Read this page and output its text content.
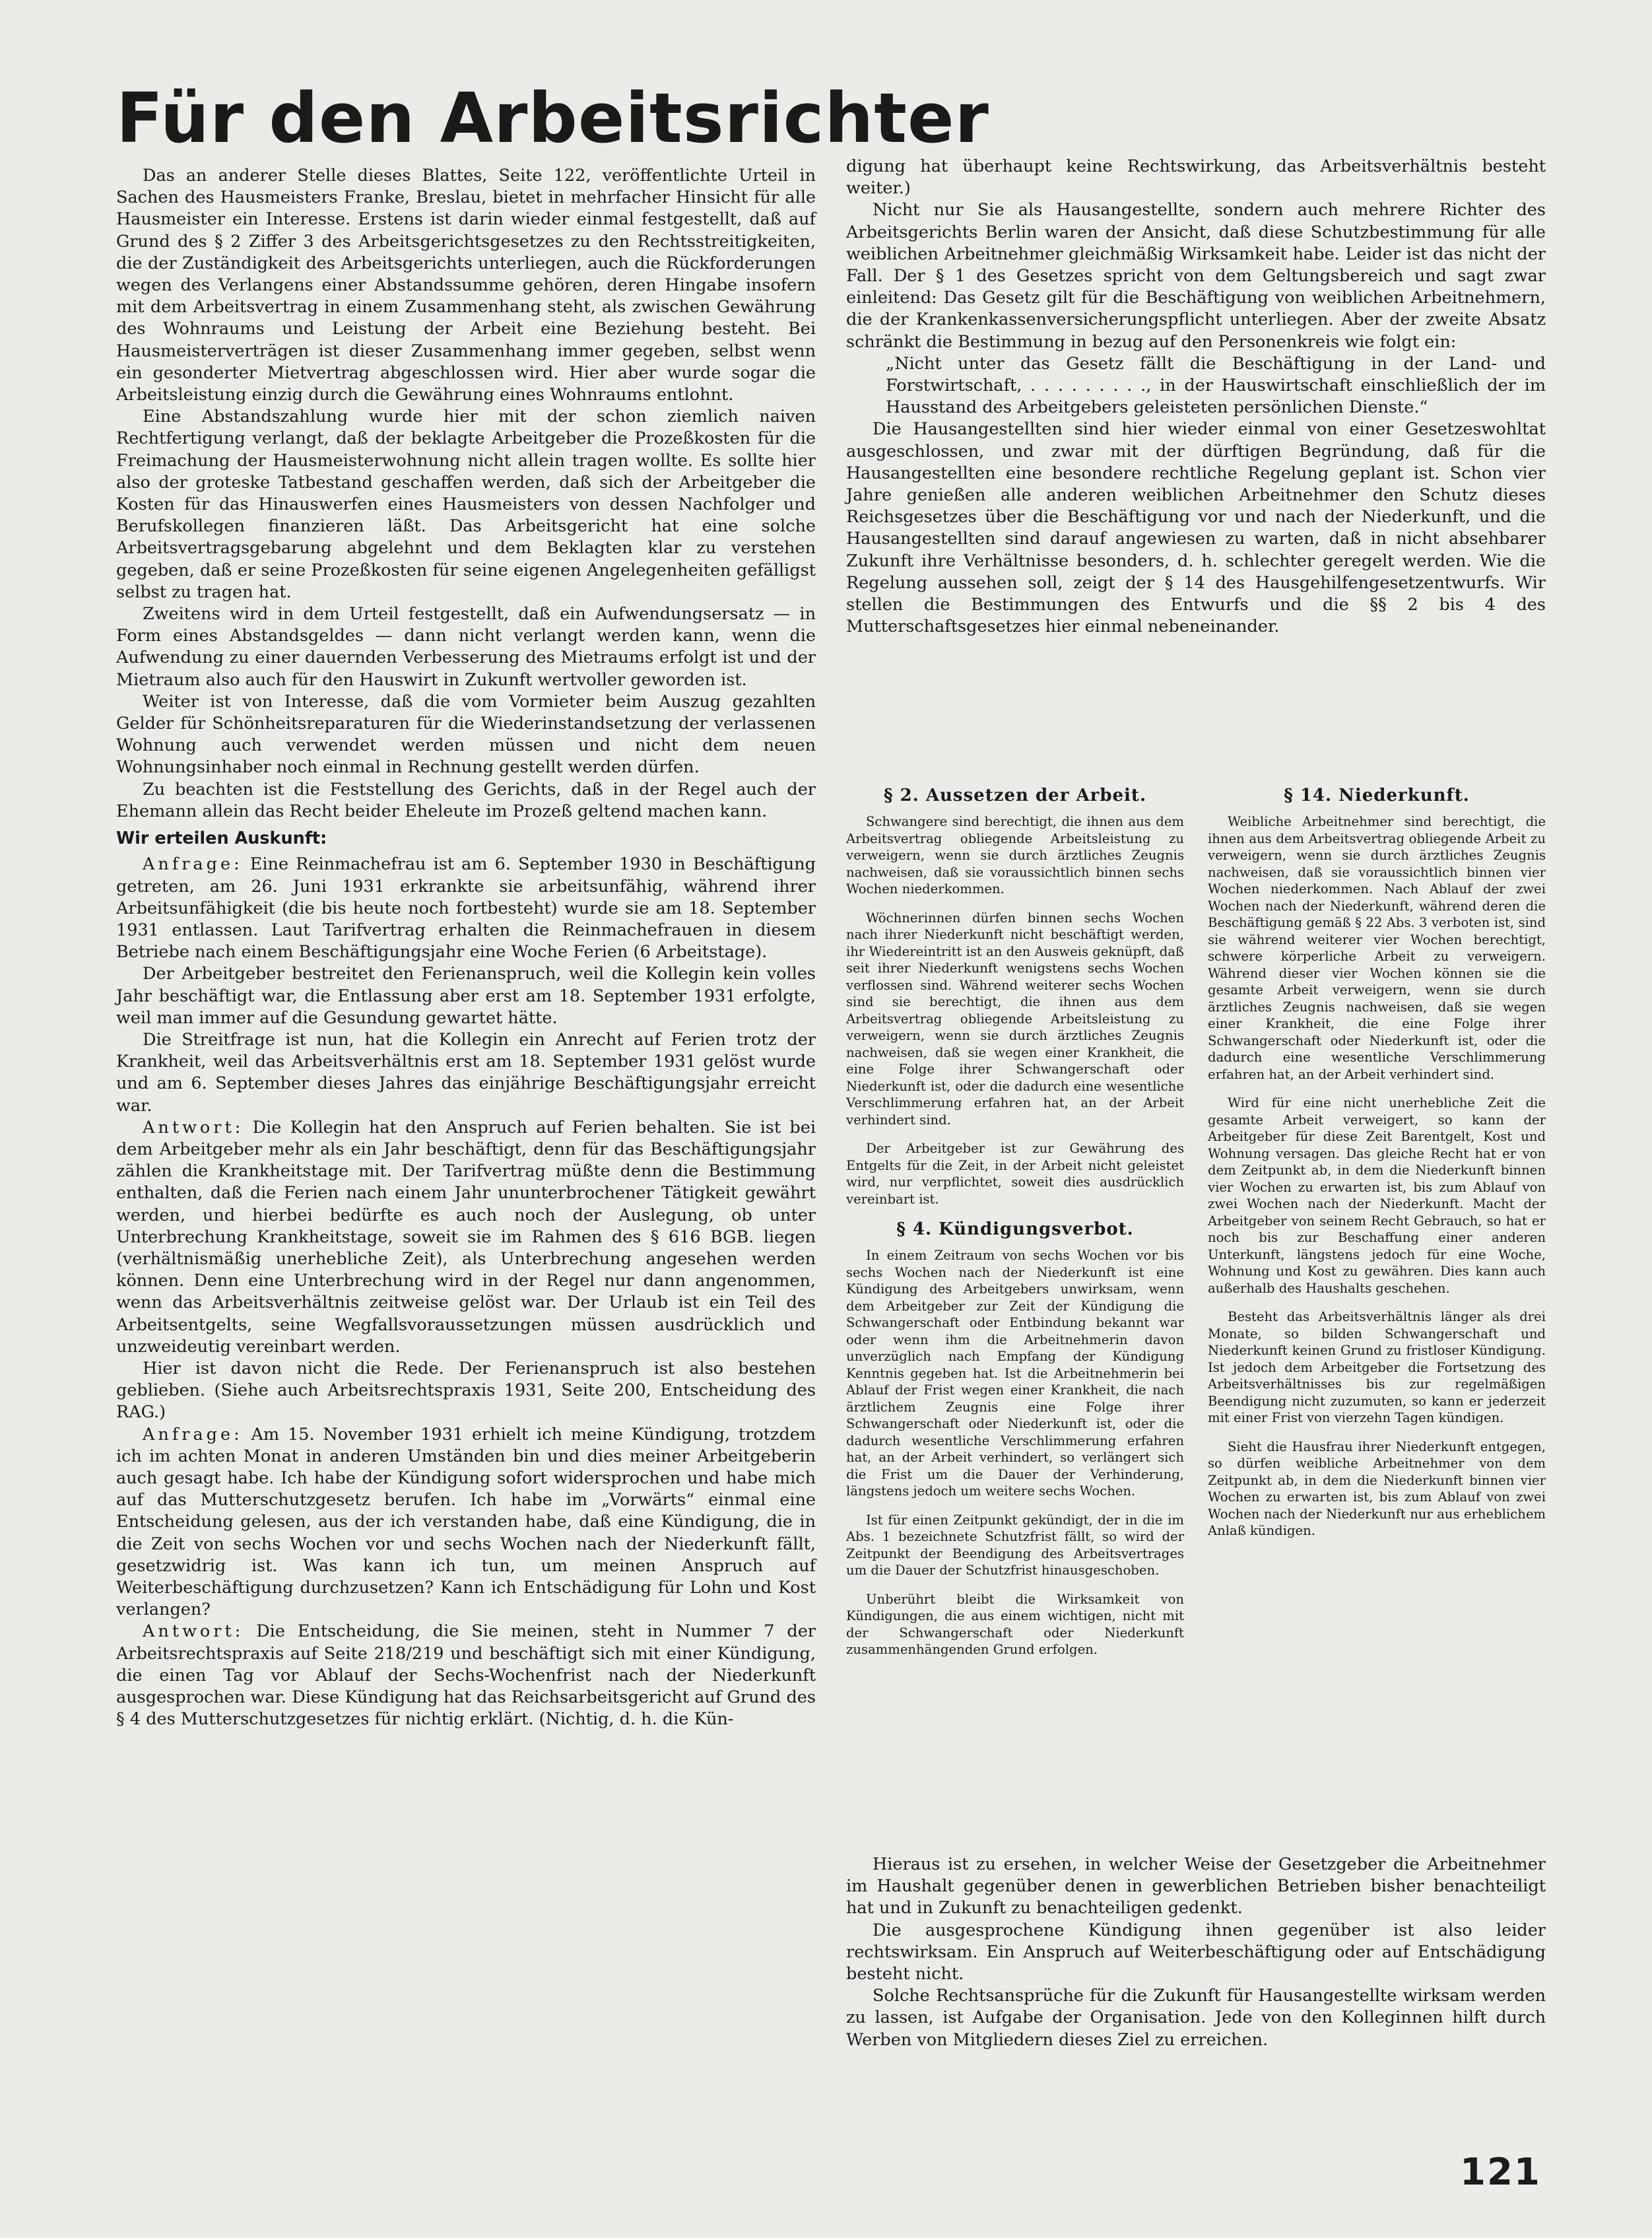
Für den Arbeitsrichter

Das an anderer Stelle dieses Blattes, Seite 122, veröffentlichte Urteil in Sachen des Hausmeisters Franke, Breslau, bietet in mehrfacher Hinsicht für alle Hausmeister ein Interesse. Erstens ist darin wieder einmal festgestellt, daß auf Grund des § 2 Ziffer 3 des Arbeitsgerichtsgesetzes zu den Rechtsstreitigkeiten, die der Zuständigkeit des Arbeitsgerichts unterliegen, auch die Rückforderungen wegen des Verlangens einer Abstandssumme gehören, deren Hingabe insofern mit dem Arbeitsvertrag in einem Zusammenhang steht, als zwischen Gewährung des Wohnraums und Leistung der Arbeit eine Beziehung besteht. Bei Hausmeisterverträgen ist dieser Zusammenhang immer gegeben, selbst wenn ein gesonderter Mietvertrag abgeschlossen wird. Hier aber wurde sogar die Arbeitsleistung einzig durch die Gewährung eines Wohnraums entlohnt.

Eine Abstandszahlung wurde hier mit der schon ziemlich naiven Rechtfertigung verlangt, daß der beklagte Arbeitgeber die Prozeßkosten für die Freimachung der Hausmeisterwohnung nicht allein tragen wollte. Es sollte hier also der groteske Tatbestand geschaffen werden, daß sich der Arbeitgeber die Kosten für das Hinauswerfen eines Hausmeisters von dessen Nachfolger und Berufskollegen finanzieren läßt. Das Arbeitsgericht hat eine solche Arbeitsvertragsgebarung abgelehnt und dem Beklagten klar zu verstehen gegeben, daß er seine Prozeßkosten für seine eigenen Angelegenheiten gefälligst selbst zu tragen hat.

Zweitens wird in dem Urteil festgestellt, daß ein Aufwendungsersatz — in Form eines Abstandsgeldes — dann nicht verlangt werden kann, wenn die Aufwendung zu einer dauernden Verbesserung des Mietraums erfolgt ist und der Mietraum also auch für den Hauswirt in Zukunft wertvoller geworden ist.

Weiter ist von Interesse, daß die vom Vormieter beim Auszug gezahlten Gelder für Schönheitsreparaturen für die Wiederinstandsetzung der verlassenen Wohnung auch verwendet werden müssen und nicht dem neuen Wohnungsinhaber noch einmal in Rechnung gestellt werden dürfen.

Zu beachten ist die Feststellung des Gerichts, daß in der Regel auch der Ehemann allein das Recht beider Eheleute im Prozeß geltend machen kann.

Wir erteilen Auskunft:

Anfrage: Eine Reinmachefrau ist am 6. September 1930 in Beschäftigung getreten, am 26. Juni 1931 erkrankte sie arbeitsunfähig, während ihrer Arbeitsunfähigkeit (die bis heute noch fortbesteht) wurde sie am 18. September 1931 entlassen. Laut Tarifvertrag erhalten die Reinmachefrauen in diesem Betriebe nach einem Beschäftigungsjahr eine Woche Ferien (6 Arbeitstage).

Der Arbeitgeber bestreitet den Ferienanspruch, weil die Kollegin kein volles Jahr beschäftigt war, die Entlassung aber erst am 18. September 1931 erfolgte, weil man immer auf die Gesundung gewartet hätte.

Die Streitfrage ist nun, hat die Kollegin ein Anrecht auf Ferien trotz der Krankheit, weil das Arbeitsverhältnis erst am 18. September 1931 gelöst wurde und am 6. September dieses Jahres das einjährige Beschäftigungsjahr erreicht war.

Antwort: Die Kollegin hat den Anspruch auf Ferien behalten. Sie ist bei dem Arbeitgeber mehr als ein Jahr beschäftigt, denn für das Beschäftigungsjahr zählen die Krankheitstage mit. Der Tarifvertrag müßte denn die Bestimmung enthalten, daß die Ferien nach einem Jahr ununterbrochener Tätigkeit gewährt werden, und hierbei bedürfte es auch noch der Auslegung, ob unter Unterbrechung Krankheitstage, soweit sie im Rahmen des § 616 BGB. liegen (verhältnismäßig unerhebliche Zeit), als Unterbrechung angesehen werden können. Denn eine Unterbrechung wird in der Regel nur dann angenommen, wenn das Arbeitsverhältnis zeitweise gelöst war. Der Urlaub ist ein Teil des Arbeitsentgelts, seine Wegfallsvoraussetzungen müssen ausdrücklich und unzweideutig vereinbart werden.

Hier ist davon nicht die Rede. Der Ferienanspruch ist also bestehen geblieben. (Siehe auch Arbeitsrechtspraxis 1931, Seite 200, Entscheidung des RAG.)

Anfrage: Am 15. November 1931 erhielt ich meine Kündigung, trotzdem ich im achten Monat in anderen Umständen bin und dies meiner Arbeitgeberin auch gesagt habe. Ich habe der Kündigung sofort widersprochen und habe mich auf das Mutterschutzgesetz berufen. Ich habe im „Vorwärts“ einmal eine Entscheidung gelesen, aus der ich verstanden habe, daß eine Kündigung, die in die Zeit von sechs Wochen vor und sechs Wochen nach der Niederkunft fällt, gesetzwidrig ist. Was kann ich tun, um meinen Anspruch auf Weiterbeschäftigung durchzusetzen? Kann ich Entschädigung für Lohn und Kost verlangen?

Antwort: Die Entscheidung, die Sie meinen, steht in Nummer 7 der Arbeitsrechtspraxis auf Seite 218/219 und beschäftigt sich mit einer Kündigung, die einen Tag vor Ablauf der Sechs-Wochenfrist nach der Niederkunft ausgesprochen war. Diese Kündigung hat das Reichsarbeitsgericht auf Grund des § 4 des Mutterschutzgesetzes für nichtig erklärt. (Nichtig, d. h. die Kün-

digung hat überhaupt keine Rechtswirkung, das Arbeitsverhältnis besteht weiter.)

Nicht nur Sie als Hausangestellte, sondern auch mehrere Richter des Arbeitsgerichts Berlin waren der Ansicht, daß diese Schutzbestimmung für alle weiblichen Arbeitnehmer gleichmäßig Wirksamkeit habe. Leider ist das nicht der Fall. Der § 1 des Gesetzes spricht von dem Geltungsbereich und sagt zwar einleitend: Das Gesetz gilt für die Beschäftigung von weiblichen Arbeitnehmern, die der Krankenkassenversicherungspflicht unterliegen. Aber der zweite Absatz schränkt die Bestimmung in bezug auf den Personenkreis wie folgt ein:

„Nicht unter das Gesetz fällt die Beschäftigung in der Land- und Forstwirtschaft, . . . . . . . . ., in der Hauswirtschaft einschließlich der im Hausstand des Arbeitgebers geleisteten persönlichen Dienste.“

Die Hausangestellten sind hier wieder einmal von einer Gesetzeswohltat ausgeschlossen, und zwar mit der dürftigen Begründung, daß für die Hausangestellten eine besondere rechtliche Regelung geplant ist. Schon vier Jahre genießen alle anderen weiblichen Arbeitnehmer den Schutz dieses Reichsgesetzes über die Beschäftigung vor und nach der Niederkunft, und die Hausangestellten sind darauf angewiesen zu warten, daß in nicht absehbarer Zukunft ihre Verhältnisse besonders, d. h. schlechter geregelt werden. Wie die Regelung aussehen soll, zeigt der § 14 des Hausgehilfengesetzentwurfs. Wir stellen die Bestimmungen des Entwurfs und die §§ 2 bis 4 des Mutterschaftsgesetzes hier einmal nebeneinander.

§ 2. Aussetzen der Arbeit.

Schwangere sind berechtigt, die ihnen aus dem Arbeitsvertrag obliegende Arbeitsleistung zu verweigern, wenn sie durch ärztliches Zeugnis nachweisen, daß sie voraussichtlich binnen sechs Wochen niederkommen.

Wöchnerinnen dürfen binnen sechs Wochen nach ihrer Niederkunft nicht beschäftigt werden, ihr Wiedereintritt ist an den Ausweis geknüpft, daß seit ihrer Niederkunft wenigstens sechs Wochen verflossen sind. Während weiterer sechs Wochen sind sie berechtigt, die ihnen aus dem Arbeitsvertrag obliegende Arbeitsleistung zu verweigern, wenn sie durch ärztliches Zeugnis nachweisen, daß sie wegen einer Krankheit, die eine Folge ihrer Schwangerschaft oder Niederkunft ist, oder die dadurch eine wesentliche Verschlimmerung erfahren hat, an der Arbeit verhindert sind.

Der Arbeitgeber ist zur Gewährung des Entgelts für die Zeit, in der Arbeit nicht geleistet wird, nur verpflichtet, soweit dies ausdrücklich vereinbart ist.

§ 4. Kündigungsverbot.

In einem Zeitraum von sechs Wochen vor bis sechs Wochen nach der Niederkunft ist eine Kündigung des Arbeitgebers unwirksam, wenn dem Arbeitgeber zur Zeit der Kündigung die Schwangerschaft oder Entbindung bekannt war oder wenn ihm die Arbeitnehmerin davon unverzüglich nach Empfang der Kündigung Kenntnis gegeben hat. Ist die Arbeitnehmerin bei Ablauf der Frist wegen einer Krankheit, die nach ärztlichem Zeugnis eine Folge ihrer Schwangerschaft oder Niederkunft ist, oder die dadurch wesentliche Verschlimmerung erfahren hat, an der Arbeit verhindert, so verlängert sich die Frist um die Dauer der Verhinderung, längstens jedoch um weitere sechs Wochen.

Ist für einen Zeitpunkt gekündigt, der in die im Abs. 1 bezeichnete Schutzfrist fällt, so wird der Zeitpunkt der Beendigung des Arbeitsvertrages um die Dauer der Schutzfrist hinausgeschoben.

Unberührt bleibt die Wirksamkeit von Kündigungen, die aus einem wichtigen, nicht mit der Schwangerschaft oder Niederkunft zusammenhängenden Grund erfolgen.

§ 14. Niederkunft.

Weibliche Arbeitnehmer sind berechtigt, die ihnen aus dem Arbeitsvertrag obliegende Arbeit zu verweigern, wenn sie durch ärztliches Zeugnis nachweisen, daß sie voraussichtlich binnen vier Wochen niederkommen. Nach Ablauf der zwei Wochen nach der Niederkunft, während deren die Beschäftigung gemäß § 22 Abs. 3 verboten ist, sind sie während weiterer vier Wochen berechtigt, schwere körperliche Arbeit zu verweigern. Während dieser vier Wochen können sie die gesamte Arbeit verweigern, wenn sie durch ärztliches Zeugnis nachweisen, daß sie wegen einer Krankheit, die eine Folge ihrer Schwangerschaft oder Niederkunft ist, oder die dadurch eine wesentliche Verschlimmerung erfahren hat, an der Arbeit verhindert sind.

Wird für eine nicht unerhebliche Zeit die gesamte Arbeit verweigert, so kann der Arbeitgeber für diese Zeit Barentgelt, Kost und Wohnung versagen. Das gleiche Recht hat er von dem Zeitpunkt ab, in dem die Niederkunft binnen vier Wochen zu erwarten ist, bis zum Ablauf von zwei Wochen nach der Niederkunft. Macht der Arbeitgeber von seinem Recht Gebrauch, so hat er noch bis zur Beschaffung einer anderen Unterkunft, längstens jedoch für eine Woche, Wohnung und Kost zu gewähren. Dies kann auch außerhalb des Haushalts geschehen.

Besteht das Arbeitsverhältnis länger als drei Monate, so bilden Schwangerschaft und Niederkunft keinen Grund zu fristloser Kündigung. Ist jedoch dem Arbeitgeber die Fortsetzung des Arbeitsverhältnisses bis zur regelmäßigen Beendigung nicht zuzumuten, so kann er jederzeit mit einer Frist von vierzehn Tagen kündigen.

Sieht die Hausfrau ihrer Niederkunft entgegen, so dürfen weibliche Arbeitnehmer von dem Zeitpunkt ab, in dem die Niederkunft binnen vier Wochen zu erwarten ist, bis zum Ablauf von zwei Wochen nach der Niederkunft nur aus erheblichem Anlaß kündigen.

Hieraus ist zu ersehen, in welcher Weise der Gesetzgeber die Arbeitnehmer im Haushalt gegenüber denen in gewerblichen Betrieben bisher benachteiligt hat und in Zukunft zu benachteiligen gedenkt.

Die ausgesprochene Kündigung ihnen gegenüber ist also leider rechtswirksam. Ein Anspruch auf Weiterbeschäftigung oder auf Entschädigung besteht nicht.

Solche Rechtsansprüche für die Zukunft für Hausangestellte wirksam werden zu lassen, ist Aufgabe der Organisation. Jede von den Kolleginnen hilft durch Werben von Mitgliedern dieses Ziel zu erreichen.

121
